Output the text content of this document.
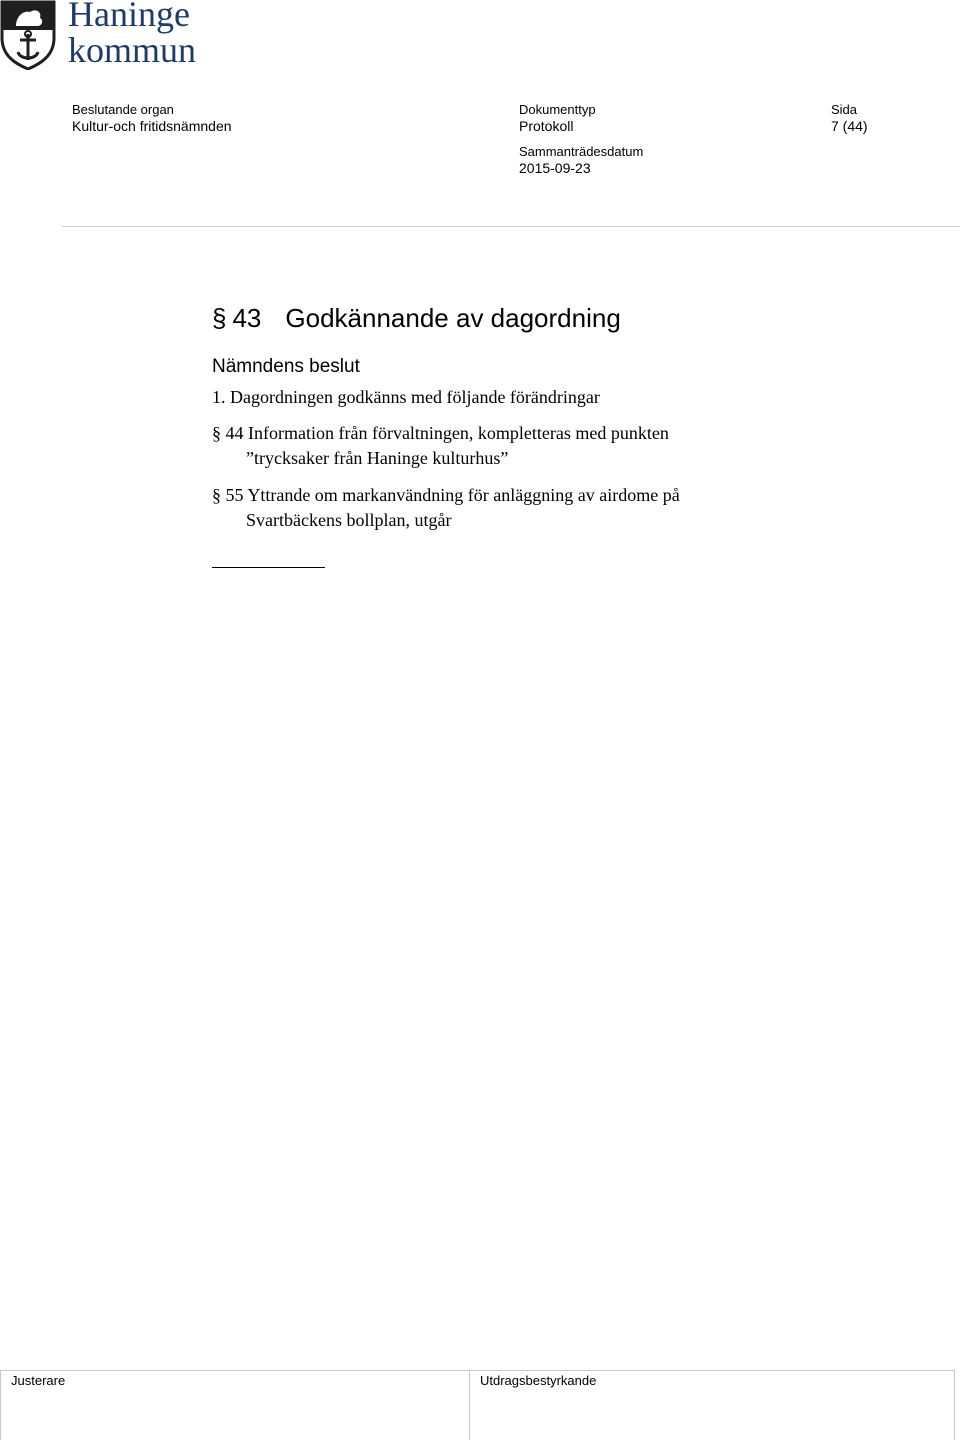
Haninge
kommun
Beslutande organ
Kultur-och fritidsnämnden
Dokumenttyp
Protokoll
Sammanträdesdatum
2015-09-23
Sida
7 (44)
§ 43 Godkännande av dagordning
Nämndens beslut
1. Dagordningen godkänns med följande förändringar
§ 44 Information från förvaltningen, kompletteras med punkten
”trycksaker från Haninge kulturhus”
§ 55 Yttrande om markanvändning för anläggning av airdome på
Svartbäckens bollplan, utgår
Justerare	Utdragsbestyrkande
